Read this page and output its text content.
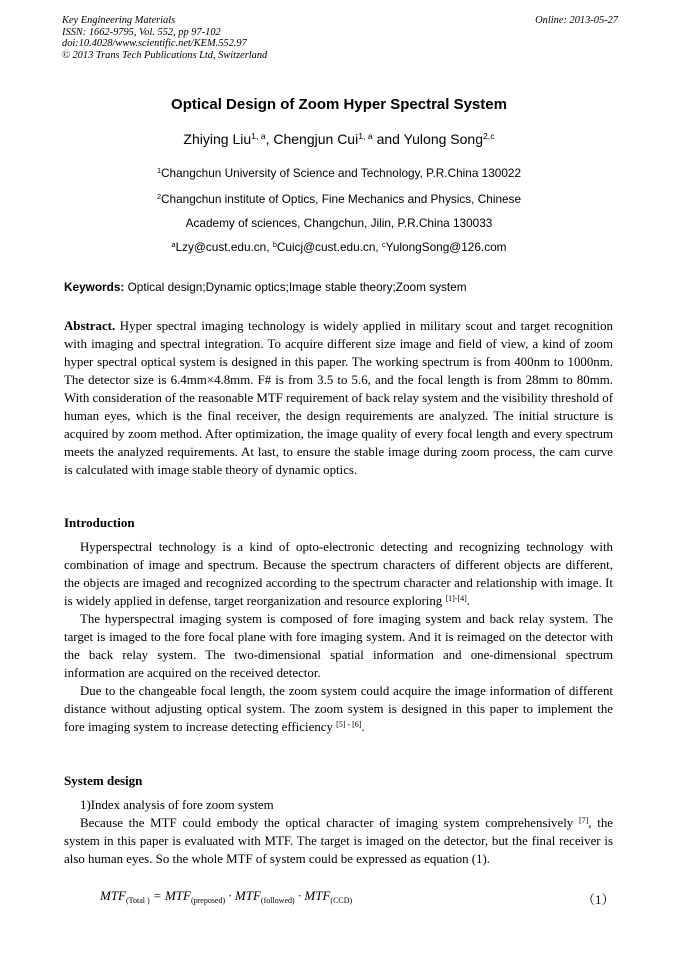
Key Engineering Materials
ISSN: 1662-9795, Vol. 552, pp 97-102
doi:10.4028/www.scientific.net/KEM.552.97
© 2013 Trans Tech Publications Ltd, Switzerland
Online: 2013-05-27
Optical Design of Zoom Hyper Spectral System
Zhiying Liu$^{1, a}$, Chengjun Cui$^{1, a}$ and Yulong Song$^{2,c}$
$^1$Changchun University of Science and Technology, P.R.China 130022
$^2$Changchun institute of Optics, Fine Mechanics and Physics, Chinese
Academy of sciences, Changchun, Jilin, P.R.China 130033
$^a$Lzy@cust.edu.cn, $^b$Cuicj@cust.edu.cn, $^c$YulongSong@126.com
Keywords: Optical design;Dynamic optics;Image stable theory;Zoom system

Abstract. Hyper spectral imaging technology is widely applied in military scout and target recognition with imaging and spectral integration. To acquire different size image and field of view, a kind of zoom hyper spectral optical system is designed in this paper. The working spectrum is from 400nm to 1000nm. The detector size is 6.4mm×4.8mm. F# is from 3.5 to 5.6, and the focal length is from 28mm to 80mm. With consideration of the reasonable MTF requirement of back relay system and the visibility threshold of human eyes, which is the final receiver, the design requirements are analyzed. The initial structure is acquired by zoom method. After optimization, the image quality of every focal length and every spectrum meets the analyzed requirements. At last, to ensure the stable image during zoom process, the cam curve is calculated with image stable theory of dynamic optics.

Introduction

Hyperspectral technology is a kind of opto-electronic detecting and recognizing technology with combination of image and spectrum. Because the spectrum characters of different objects are different, the objects are imaged and recognized according to the spectrum character and relationship with image. It is widely applied in defense, target reorganization and resource exploring [1]-[4].

The hyperspectral imaging system is composed of fore imaging system and back relay system. The target is imaged to the fore focal plane with fore imaging system. And it is reimaged on the detector with the back relay system. The two-dimensional spatial information and one-dimensional spectrum information are acquired on the received detector.

Due to the changeable focal length, the zoom system could acquire the image information of different distance without adjusting optical system. The zoom system is designed in this paper to implement the fore imaging system to increase detecting efficiency [5] - [6].

System design

1)Index analysis of fore zoom system

Because the MTF could embody the optical character of imaging system comprehensively [7], the system in this paper is evaluated with MTF. The target is imaged on the detector, but the final receiver is also human eyes. So the whole MTF of system could be expressed as equation (1).

$MTF_{(Total )} = MTF_{(preposed)} \cdot MTF_{(followed)} \cdot MTF_{(CCD)}$	（1）
